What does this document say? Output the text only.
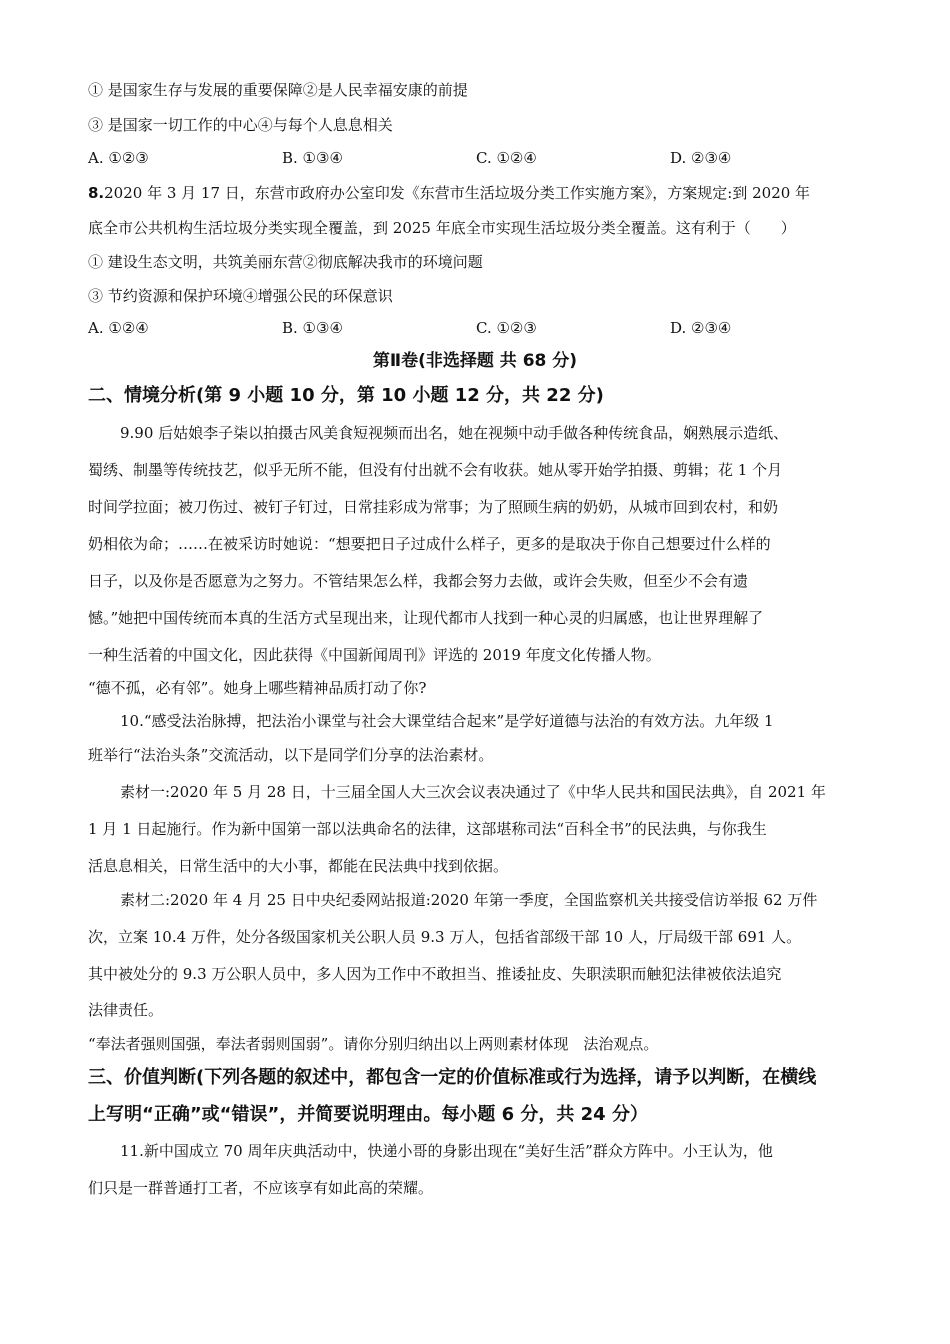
① 是国家生存与发展的重要保障②是人民幸福安康的前提
③ 是国家一切工作的中心④与每个人息息相关
A. ①②③	B. ①③④	C. ①②④	D. ②③④
8.2020 年 3 月 17 日，东营市政府办公室印发《东营市生活垃圾分类工作实施方案》，方案规定:到 2020 年
底全市公共机构生活垃圾分类实现全覆盖，到 2025 年底全市实现生活垃圾分类全覆盖。这有利于（　　）
① 建设生态文明，共筑美丽东营②彻底解决我市的环境问题
③ 节约资源和保护环境④增强公民的环保意识
A. ①②④	B. ①③④	C. ①②③	D. ②③④
第Ⅱ卷(非选择题 共 68 分)
二、情境分析(第 9 小题 10 分，第 10 小题 12 分，共 22 分)
9.90 后姑娘李子柒以拍摄古风美食短视频而出名，她在视频中动手做各种传统食品，娴熟展示造纸、
蜀绣、制墨等传统技艺，似乎无所不能，但没有付出就不会有收获。她从零开始学拍摄、剪辑；花 1 个月
时间学拉面；被刀伤过、被钉子钉过，日常挂彩成为常事；为了照顾生病的奶奶，从城市回到农村，和奶
奶相依为命；……在被采访时她说：“想要把日子过成什么样子，更多的是取决于你自己想要过什么样的
日子，以及你是否愿意为之努力。不管结果怎么样，我都会努力去做，或许会失败，但至少不会有遗
憾。”她把中国传统而本真的生活方式呈现出来，让现代都市人找到一种心灵的归属感，也让世界理解了
一种生活着的中国文化，因此获得《中国新闻周刊》评选的 2019 年度文化传播人物。
“德不孤，必有邻”。她身上哪些精神品质打动了你?
10.“感受法治脉搏，把法治小课堂与社会大课堂结合起来”是学好道德与法治的有效方法。九年级 1
班举行“法治头条”交流活动，以下是同学们分享的法治素材。
素材一:2020 年 5 月 28 日，十三届全国人大三次会议表决通过了《中华人民共和国民法典》，自 2021 年
1 月 1 日起施行。作为新中国第一部以法典命名的法律，这部堪称司法“百科全书”的民法典，与你我生
活息息相关，日常生活中的大小事，都能在民法典中找到依据。
素材二:2020 年 4 月 25 日中央纪委网站报道:2020 年第一季度，全国监察机关共接受信访举报 62 万件
次，立案 10.4 万件，处分各级国家机关公职人员 9.3 万人，包括省部级干部 10 人，厅局级干部 691 人。
其中被处分的 9.3 万公职人员中，多人因为工作中不敢担当、推诿扯皮、失职渎职而触犯法律被依法追究
法律责任。
“奉法者强则国强，奉法者弱则国弱”。请你分别归纳出以上两则素材体现　法治观点。
三、价值判断(下列各题的叙述中，都包含一定的价值标准或行为选择，请予以判断，在横线
上写明“正确”或“错误”，并简要说明理由。每小题 6 分，共 24 分）
11.新中国成立 70 周年庆典活动中，快递小哥的身影出现在“美好生活”群众方阵中。小王认为，他
们只是一群普通打工者，不应该享有如此高的荣耀。
